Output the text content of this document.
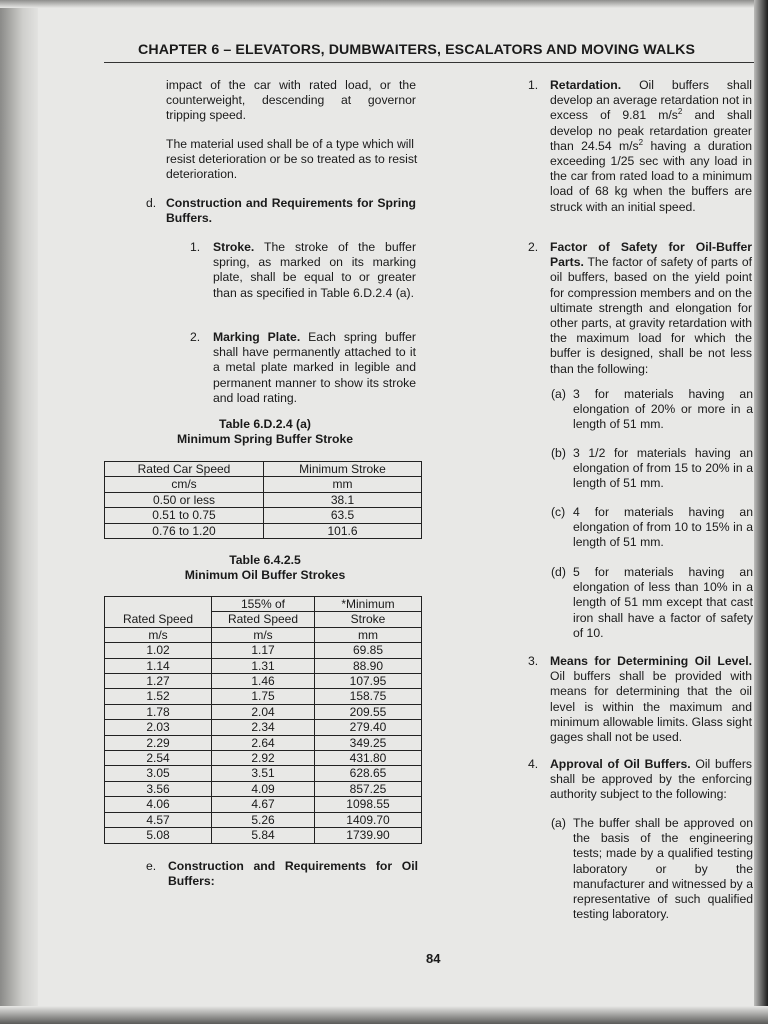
CHAPTER 6 – ELEVATORS, DUMBWAITERS, ESCALATORS AND MOVING WALKS

impact of the car with rated load, or the counterweight, descending at governor tripping speed.

The material used shall be of a type which will resist deterioration or be so treated as to resist deterioration.

d. Construction and Requirements for Spring Buffers.

1. Stroke. The stroke of the buffer spring, as marked on its marking plate, shall be equal to or greater than as specified in Table 6.D.2.4 (a).

2. Marking Plate. Each spring buffer shall have permanently attached to it a metal plate marked in legible and permanent manner to show its stroke and load rating.

Table 6.D.2.4 (a)

Minimum Spring Buffer Stroke

Rated Car Speed	Minimum Stroke
cm/s	mm
0.50 or less	38.1
0.51 to 0.75	63.5
0.76 to 1.20	101.6

Table 6.4.2.5

Minimum Oil Buffer Strokes

Rated Speed	155% of	*Minimum
	Rated Speed	Stroke
m/s	m/s	mm
1.02	1.17	69.85
1.14	1.31	88.90
1.27	1.46	107.95
1.52	1.75	158.75
1.78	2.04	209.55
2.03	2.34	279.40
2.29	2.64	349.25
2.54	2.92	431.80
3.05	3.51	628.65
3.56	4.09	857.25
4.06	4.67	1098.55
4.57	5.26	1409.70
5.08	5.84	1739.90
e. Construction and Requirements for Oil Buffers:

1. Retardation. Oil buffers shall develop an average retardation not in excess of 9.81 $m/s^2$ and shall develop no peak retardation greater than 24.54 $m/s^2$ having a duration exceeding 1/25 sec with any load in the car from rated load to a minimum load of 68 kg when the buffers are struck with an initial speed.

2. Factor of Safety for Oil-Buffer Parts. The factor of safety of parts of oil buffers, based on the yield point for compression members and on the ultimate strength and elongation for other parts, at gravity retardation with the maximum load for which the buffer is designed, shall be not less than the following:

(a) 3 for materials having an elongation of 20% or more in a length of 51 mm.

(b) 3 1/2 for materials having an elongation of from 15 to 20% in a length of 51 mm.

(c) 4 for materials having an elongation of from 10 to 15% in a length of 51 mm.

(d) 5 for materials having an elongation of less than 10% in a length of 51 mm except that cast iron shall have a factor of safety of 10.

3. Means for Determining Oil Level. Oil buffers shall be provided with means for determining that the oil level is within the maximum and minimum allowable limits. Glass sight gages shall not be used.

4. Approval of Oil Buffers. Oil buffers shall be approved by the enforcing authority subject to the following:

(a) The buffer shall be approved on the basis of the engineering tests; made by a qualified testing laboratory or by the manufacturer and witnessed by a representative of such qualified testing laboratory.

84
